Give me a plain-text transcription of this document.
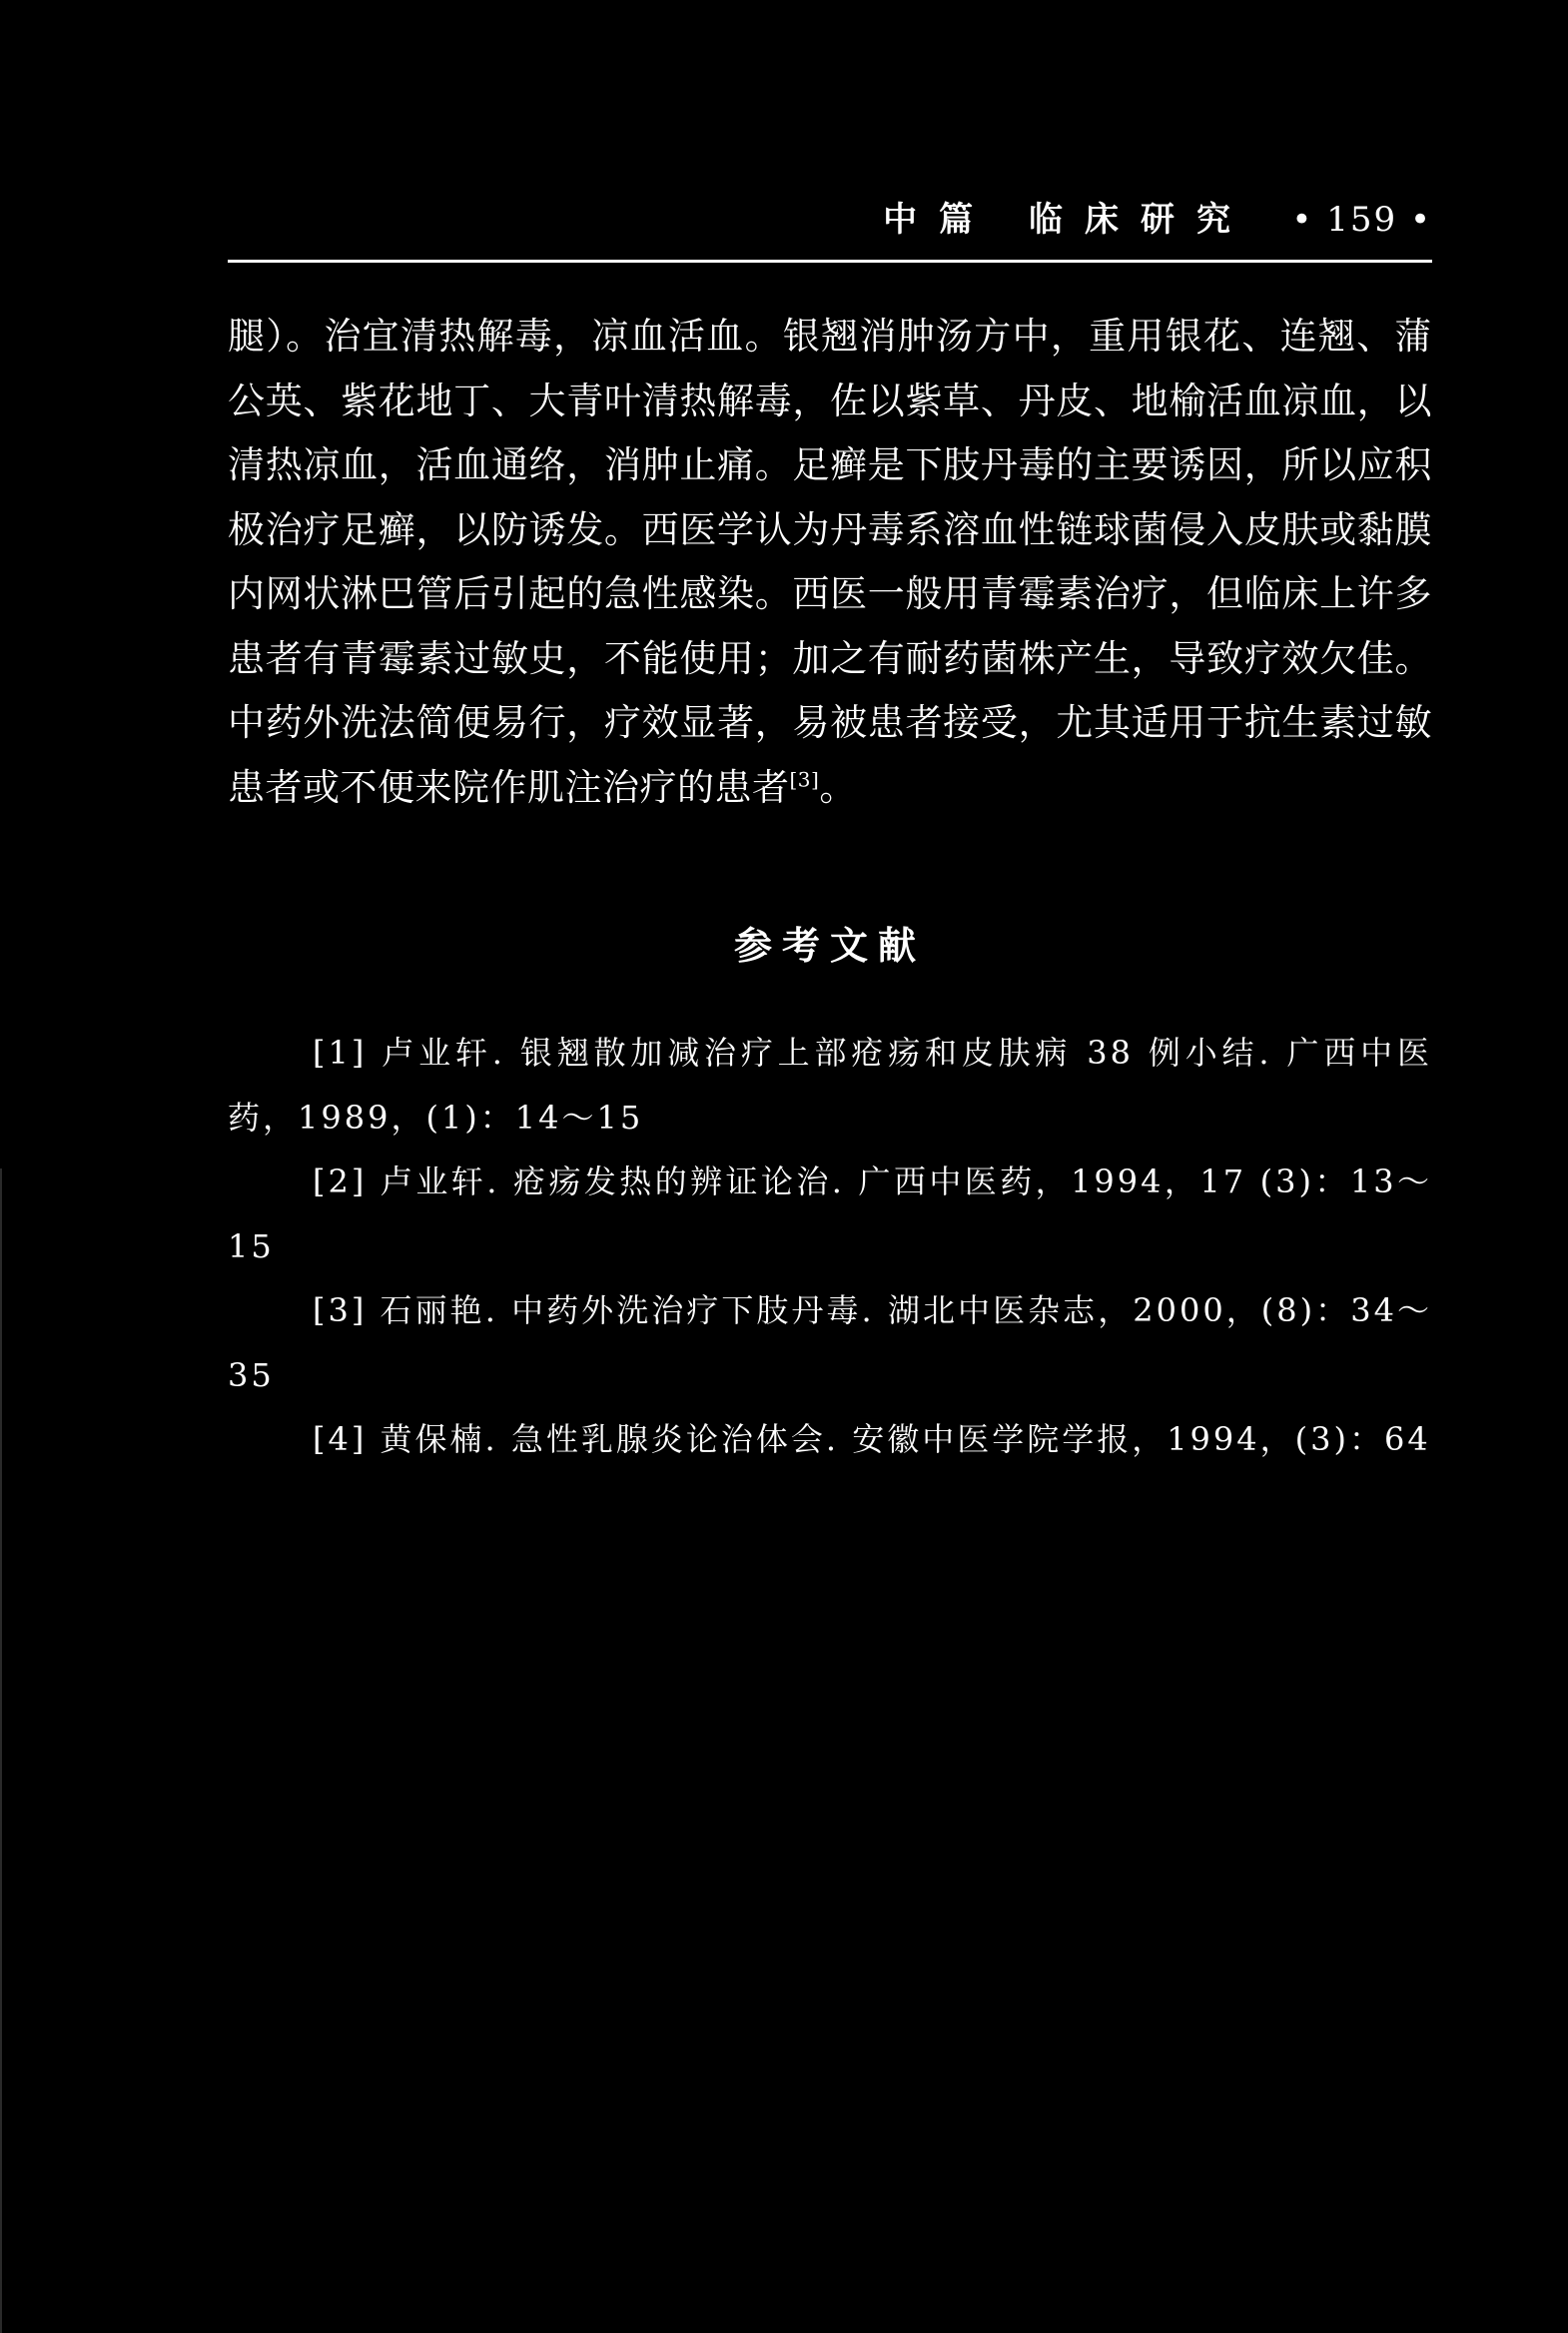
中篇 临床研究 • 159 •

腿）。治宜清热解毒，凉血活血。银翘消肿汤方中，重用银花、连翘、蒲公英、紫花地丁、大青叶清热解毒，佐以紫草、丹皮、地榆活血凉血，以清热凉血，活血通络，消肿止痛。足癣是下肢丹毒的主要诱因，所以应积极治疗足癣，以防诱发。西医学认为丹毒系溶血性链球菌侵入皮肤或黏膜内网状淋巴管后引起的急性感染。西医一般用青霉素治疗，但临床上许多患者有青霉素过敏史，不能使用；加之有耐药菌株产生，导致疗效欠佳。中药外洗法简便易行，疗效显著，易被患者接受，尤其适用于抗生素过敏患者或不便来院作肌注治疗的患者[3]。

参考文献
[1] 卢业轩. 银翘散加减治疗上部疮疡和皮肤病 38 例小结. 广西中医药，1989，(1)：14～15
[2] 卢业轩. 疮疡发热的辨证论治. 广西中医药，1994，17 (3)：13～15
[3] 石丽艳. 中药外洗治疗下肢丹毒. 湖北中医杂志，2000，(8)：34～35
[4] 黄保楠. 急性乳腺炎论治体会. 安徽中医学院学报，1994，(3)：64
